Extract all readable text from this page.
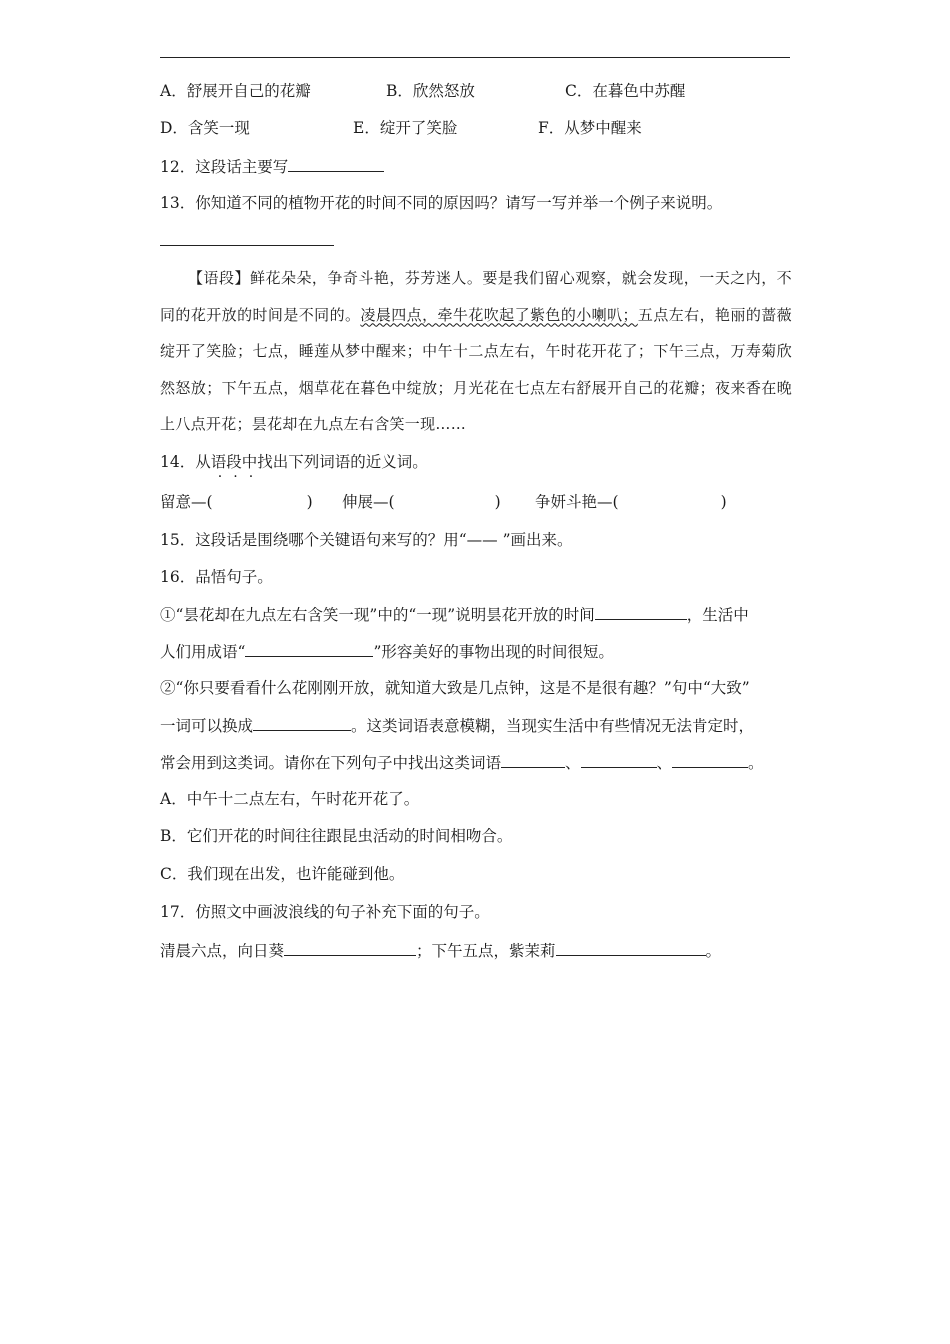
A．舒展开自己的花瓣	B．欣然怒放	C．在暮色中苏醒
D．含笑一现	E．绽开了笑脸	F．从梦中醒来
12．这段话主要写
13．你知道不同的植物开花的时间不同的原因吗？请写一写并举一个例子来说明。
【语段】鲜花朵朵，争奇斗艳，芬芳迷人。要是我们留心观察，就会发现，一天之内，不同的花开放的时间是不同的。凌晨四点，牵牛花吹起了紫色的小喇叭；五点左右，艳丽的蔷薇绽开了笑脸；七点，睡莲从梦中醒来；中午十二点左右，午时花开花了；下午三点，万寿菊欣然怒放；下午五点，烟草花在暮色中绽放；月光花在七点左右舒展开自己的花瓣；夜来香在晚上八点开花；昙花却在九点左右含笑一现……
14．从语段中找出下列词语的近义词。
留意—(	) 伸展—(	) 争妍斗艳—(	)
15．这段话是围绕哪个关键语句来写的？用“—— ”画出来。
16．品悟句子。
①“昙花却在九点左右含笑一现”中的“一现”说明昙花开放的时间	，生活中
人们用成语“	”形容美好的事物出现的时间很短。
②“你只要看看什么花刚刚开放，就知道大致是几点钟，这是不是很有趣？”句中“大致”
一词可以换成	。这类词语表意模糊，当现实生活中有些情况无法肯定时，
常会用到这类词。请你在下列句子中找出这类词语	、	、	。
A．中午十二点左右，午时花开花了。
B．它们开花的时间往往跟昆虫活动的时间相吻合。
C．我们现在出发，也许能碰到他。
17．仿照文中画波浪线的句子补充下面的句子。
清晨六点，向日葵	；下午五点，紫茉莉	。
